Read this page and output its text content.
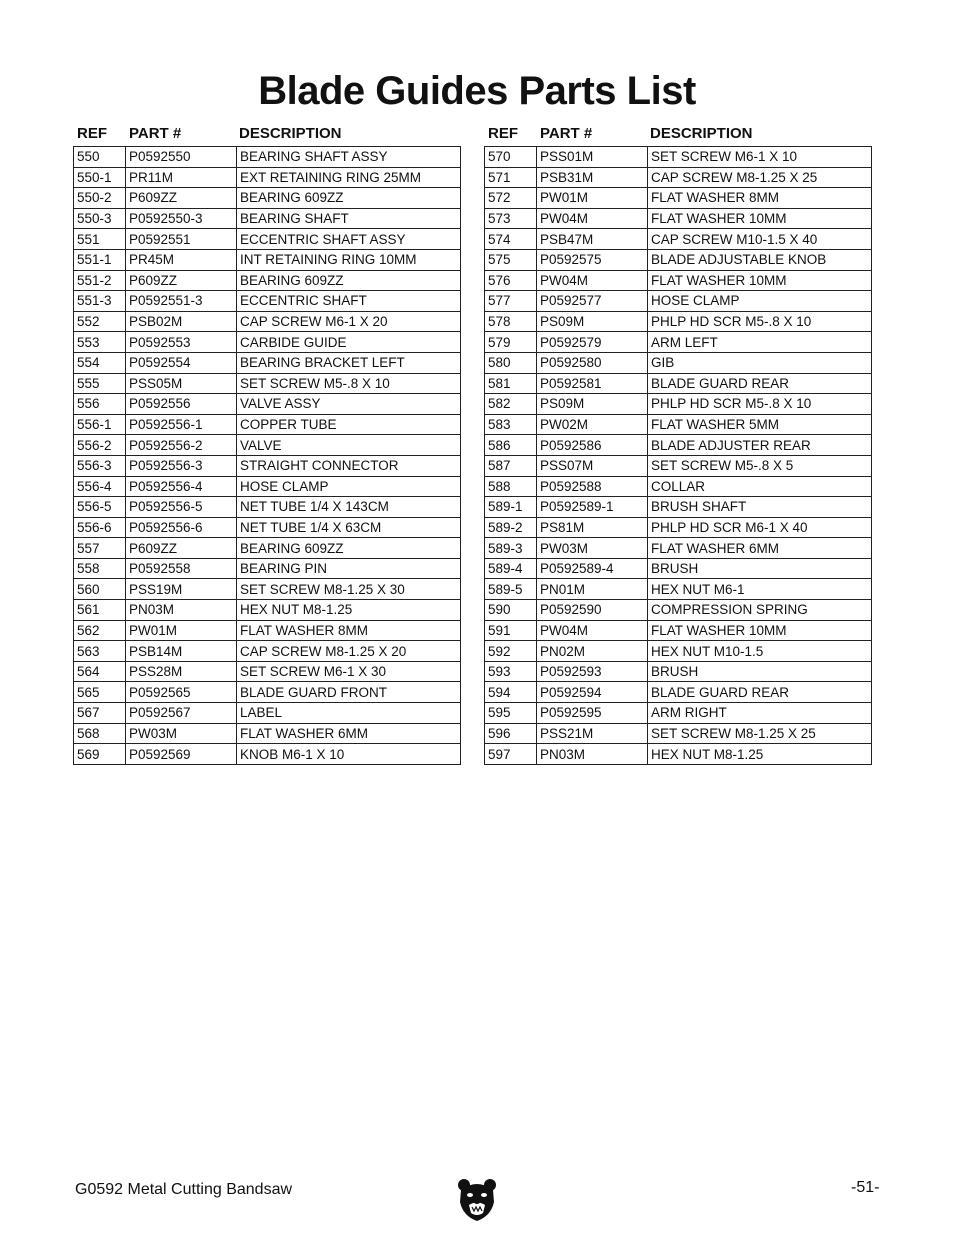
Blade Guides Parts List
REF PART #	DESCRIPTION
550	P0592550	BEARING SHAFT ASSY
550-1	PR11M	EXT RETAINING RING 25MM
550-2	P609ZZ	BEARING 609ZZ
550-3	P0592550-3	BEARING SHAFT
551	P0592551	ECCENTRIC SHAFT ASSY
551-1	PR45M	INT RETAINING RING 10MM
551-2	P609ZZ	BEARING 609ZZ
551-3	P0592551-3	ECCENTRIC SHAFT
552	PSB02M	CAP SCREW M6-1 X 20
553	P0592553	CARBIDE GUIDE
554	P0592554	BEARING BRACKET LEFT
555	PSS05M	SET SCREW M5-.8 X 10
556	P0592556	VALVE ASSY
556-1	P0592556-1	COPPER TUBE
556-2	P0592556-2	VALVE
556-3	P0592556-3	STRAIGHT CONNECTOR
556-4	P0592556-4	HOSE CLAMP
556-5	P0592556-5	NET TUBE 1/4 X 143CM
556-6	P0592556-6	NET TUBE 1/4 X 63CM
557	P609ZZ	BEARING 609ZZ
558	P0592558	BEARING PIN
560	PSS19M	SET SCREW M8-1.25 X 30
561	PN03M	HEX NUT M8-1.25
562	PW01M	FLAT WASHER 8MM
563	PSB14M	CAP SCREW M8-1.25 X 20
564	PSS28M	SET SCREW M6-1 X 30
565	P0592565	BLADE GUARD FRONT
567	P0592567	LABEL
568	PW03M	FLAT WASHER 6MM
569	P0592569	KNOB M6-1 X 10
REF PART #	DESCRIPTION
570	PSS01M	SET SCREW M6-1 X 10
571	PSB31M	CAP SCREW M8-1.25 X 25
572	PW01M	FLAT WASHER 8MM
573	PW04M	FLAT WASHER 10MM
574	PSB47M	CAP SCREW M10-1.5 X 40
575	P0592575	BLADE ADJUSTABLE KNOB
576	PW04M	FLAT WASHER 10MM
577	P0592577	HOSE CLAMP
578	PS09M	PHLP HD SCR M5-.8 X 10
579	P0592579	ARM LEFT
580	P0592580	GIB
581	P0592581	BLADE GUARD REAR
582	PS09M	PHLP HD SCR M5-.8 X 10
583	PW02M	FLAT WASHER 5MM
586	P0592586	BLADE ADJUSTER REAR
587	PSS07M	SET SCREW M5-.8 X 5
588	P0592588	COLLAR
589-1	P0592589-1	BRUSH SHAFT
589-2	PS81M	PHLP HD SCR M6-1 X 40
589-3	PW03M	FLAT WASHER 6MM
589-4	P0592589-4	BRUSH
589-5	PN01M	HEX NUT M6-1
590	P0592590	COMPRESSION SPRING
591	PW04M	FLAT WASHER 10MM
592	PN02M	HEX NUT M10-1.5
593	P0592593	BRUSH
594	P0592594	BLADE GUARD REAR
595	P0592595	ARM RIGHT
596	PSS21M	SET SCREW M8-1.25 X 25
597	PN03M	HEX NUT M8-1.25
G0592 Metal Cutting Bandsaw	-51-
